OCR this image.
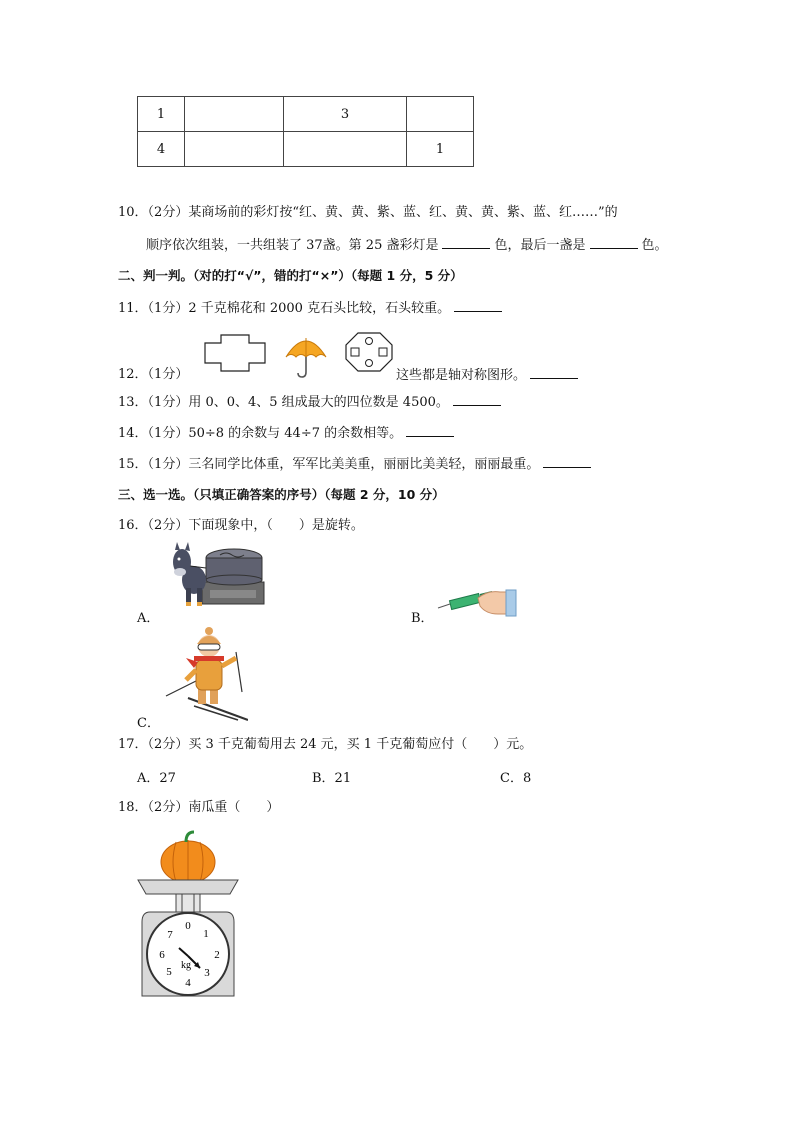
1		3	
4			1
10．（2分）某商场前的彩灯按“红、黄、黄、紫、蓝、红、黄、黄、紫、蓝、红……”的
顺序依次组装，一共组装了 37盏。第 25 盏彩灯是	色，最后一盏是	色。
二、判一判。（对的打“√”，错的打“×”）（每题 1 分，5 分）
11．（1分）2 千克棉花和 2000 克石头比较，石头较重。
12．（1分）	这些都是轴对称图形。
13．（1分）用 0、0、4、5 组成最大的四位数是 4500。
14．（1分）50÷8 的余数与 44÷7 的余数相等。
15．（1分）三名同学比体重，军军比美美重，丽丽比美美轻，丽丽最重。
三、选一选。（只填正确答案的序号）（每题 2 分，10 分）
16．（2分）下面现象中，（　　）是旋转。
A．	B．
C．
17．（2分）买 3 千克葡萄用去 24 元，买 1 千克葡萄应付（　　）元。
A．27	B．21	C．8
18．（2分）南瓜重（　　）
0
1
2
3
4
5
6
7
kg
